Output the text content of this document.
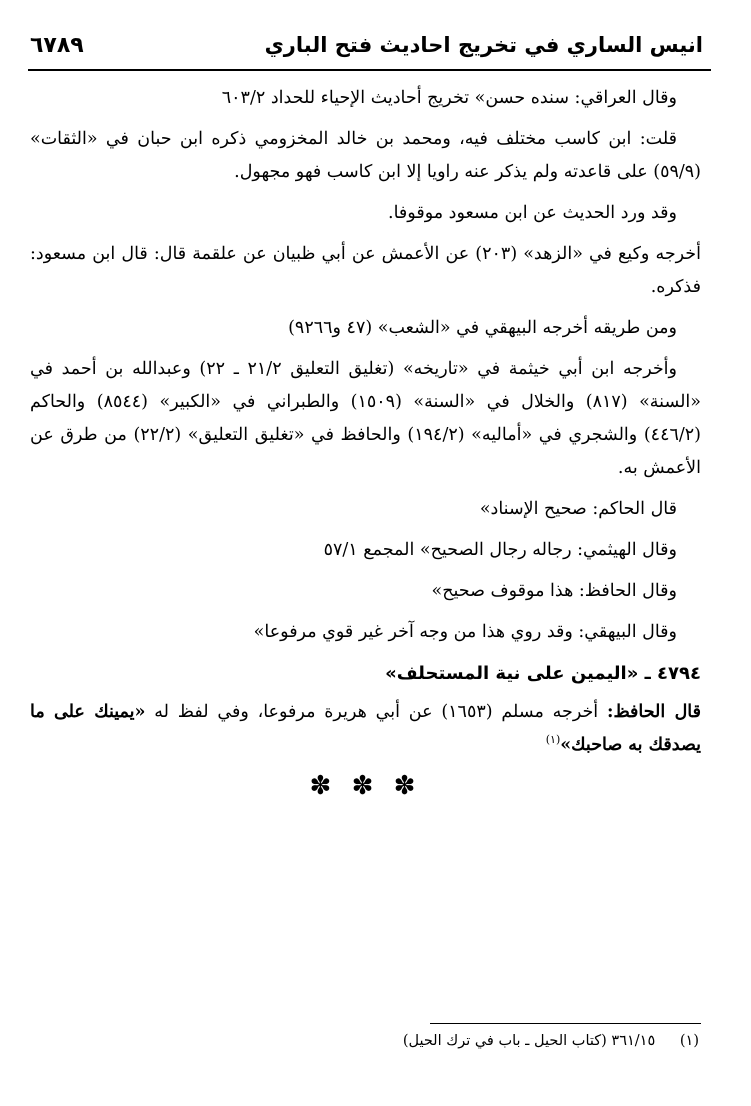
انيس الساري في تخريج احاديث فتح الباري
٦٧٨٩

وقال العراقي: سنده حسن» تخريج أحاديث الإحياء للحداد ٦٠٣/٢

قلت: ابن كاسب مختلف فيه، ومحمد بن خالد المخزومي ذكره ابن حبان في «الثقات» (٥٩/٩) على قاعدته ولم يذكر عنه راويا إلا ابن كاسب فهو مجهول.

وقد ورد الحديث عن ابن مسعود موقوفا.

أخرجه وكيع في «الزهد» (٢٠٣) عن الأعمش عن أبي ظبيان عن علقمة قال: قال ابن مسعود: فذكره.

ومن طريقه أخرجه البيهقي في «الشعب» (٤٧ و٩٢٦٦)

وأخرجه ابن أبي خيثمة في «تاريخه» (تغليق التعليق ٢١/٢ ـ ٢٢) وعبدالله بن أحمد في «السنة» (٨١٧) والخلال في «السنة» (١٥٠٩) والطبراني في «الكبير» (٨٥٤٤) والحاكم (٤٤٦/٢) والشجري في «أماليه» (١٩٤/٢) والحافظ في «تغليق التعليق» (٢٢/٢) من طرق عن الأعمش به.

قال الحاكم: صحيح الإسناد»

وقال الهيثمي: رجاله رجال الصحيح» المجمع ٥٧/١

وقال الحافظ: هذا موقوف صحيح»

وقال البيهقي: وقد روي هذا من وجه آخر غير قوي مرفوعا»

٤٧٩٤ ـ «اليمين على نية المستحلف»

قال الحافظ: أخرجه مسلم (١٦٥٣) عن أبي هريرة مرفوعا، وفي لفظ له «يمينك على ما يصدقك به صاحبك»$^{(١)}$

✽ ✽ ✽
(١) ٣٦١/١٥ (كتاب الحيل ـ باب في ترك الحيل)
